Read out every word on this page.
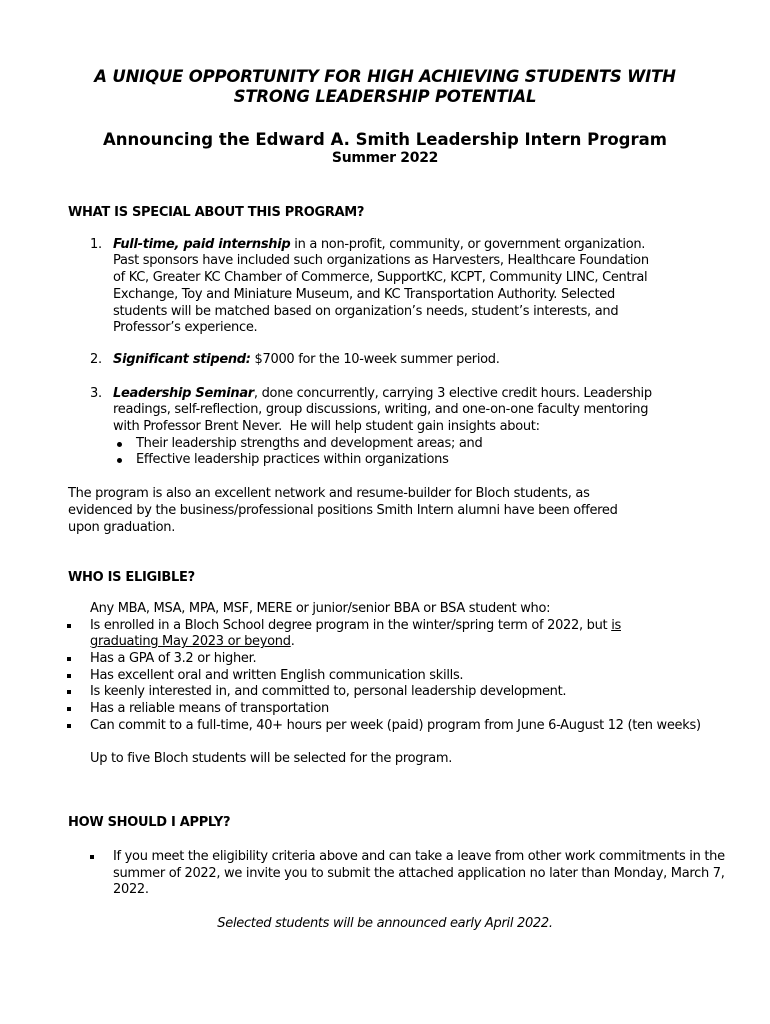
A UNIQUE OPPORTUNITY FOR HIGH ACHIEVING STUDENTS WITH
STRONG LEADERSHIP POTENTIAL
Announcing the Edward A. Smith Leadership Intern Program
Summer 2022
WHAT IS SPECIAL ABOUT THIS PROGRAM?
1. Full-time, paid internship in a non-profit, community, or government organization.
Past sponsors have included such organizations as Harvesters, Healthcare Foundation
of KC, Greater KC Chamber of Commerce, SupportKC, KCPT, Community LINC, Central
Exchange, Toy and Miniature Museum, and KC Transportation Authority. Selected
students will be matched based on organization’s needs, student’s interests, and
Professor’s experience.
2. Significant stipend: $7000 for the 10-week summer period.
3. Leadership Seminar, done concurrently, carrying 3 elective credit hours. Leadership
readings, self-reflection, group discussions, writing, and one-on-one faculty mentoring
with Professor Brent Never.  He will help student gain insights about:
Their leadership strengths and development areas; and
Effective leadership practices within organizations
The program is also an excellent network and resume-builder for Bloch students, as
evidenced by the business/professional positions Smith Intern alumni have been offered
upon graduation.
WHO IS ELIGIBLE?
Any MBA, MSA, MPA, MSF, MERE or junior/senior BBA or BSA student who:
Is enrolled in a Bloch School degree program in the winter/spring term of 2022, but is
graduating May 2023 or beyond.
Has a GPA of 3.2 or higher.
Has excellent oral and written English communication skills.
Is keenly interested in, and committed to, personal leadership development.
Has a reliable means of transportation
Can commit to a full-time, 40+ hours per week (paid) program from June 6-August 12 (ten weeks)
Up to five Bloch students will be selected for the program.
HOW SHOULD I APPLY?
If you meet the eligibility criteria above and can take a leave from other work commitments in the summer of 2022, we invite you to submit the attached application no later than Monday, March 7, 2022.
Selected students will be announced early April 2022.
